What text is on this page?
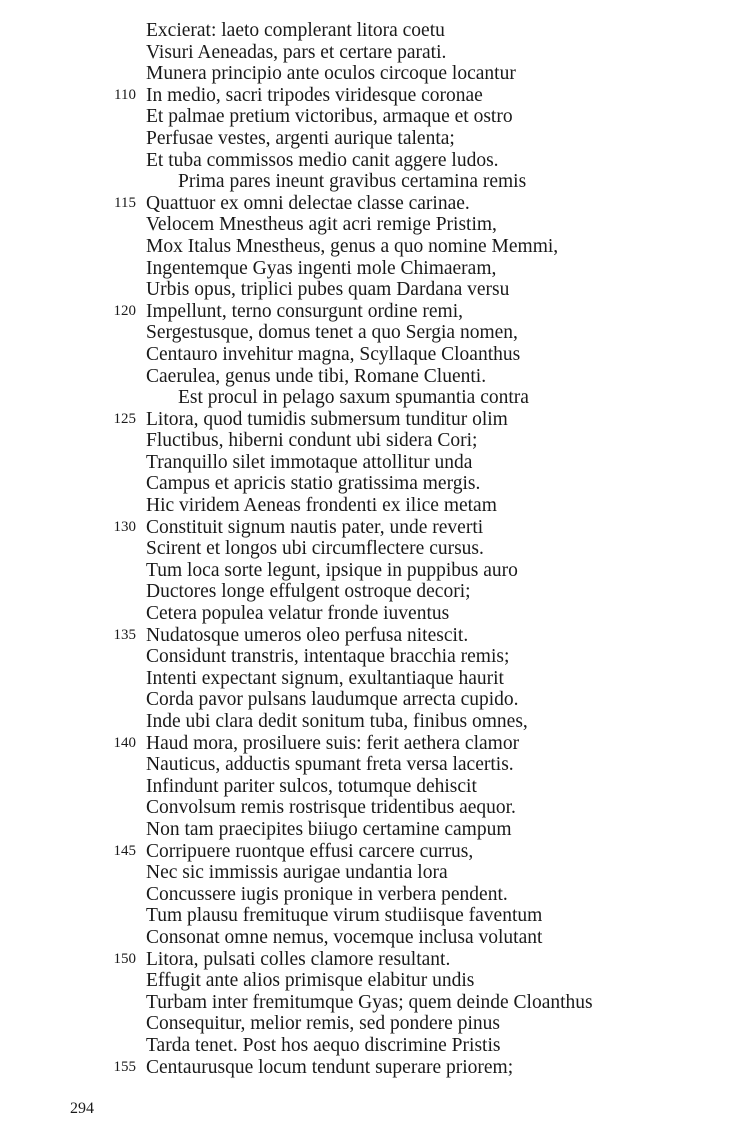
Excierat: laeto complerant litora coetu
Visuri Aeneadas, pars et certare parati.
Munera principio ante oculos circoque locantur
110 In medio, sacri tripodes viridesque coronae
Et palmae pretium victoribus, armaque et ostro
Perfusae vestes, argenti aurique talenta;
Et tuba commissos medio canit aggere ludos.
Prima pares ineunt gravibus certamina remis
115 Quattuor ex omni delectae classe carinae.
Velocem Mnestheus agit acri remige Pristim,
Mox Italus Mnestheus, genus a quo nomine Memmi,
Ingentemque Gyas ingenti mole Chimaeram,
Urbis opus, triplici pubes quam Dardana versu
120 Impellunt, terno consurgunt ordine remi,
Sergestusque, domus tenet a quo Sergia nomen,
Centauro invehitur magna, Scyllaque Cloanthus
Caerulea, genus unde tibi, Romane Cluenti.
Est procul in pelago saxum spumantia contra
125 Litora, quod tumidis submersum tunditur olim
Fluctibus, hiberni condunt ubi sidera Cori;
Tranquillo silet immotaque attollitur unda
Campus et apricis statio gratissima mergis.
Hic viridem Aeneas frondenti ex ilice metam
130 Constituit signum nautis pater, unde reverti
Scirent et longos ubi circumflectere cursus.
Tum loca sorte legunt, ipsique in puppibus auro
Ductores longe effulgent ostroque decori;
Cetera populea velatur fronde iuventus
135 Nudatosque umeros oleo perfusa nitescit.
Considunt transtris, intentaque bracchia remis;
Intenti expectant signum, exultantiaque haurit
Corda pavor pulsans laudumque arrecta cupido.
Inde ubi clara dedit sonitum tuba, finibus omnes,
140 Haud mora, prosiluere suis: ferit aethera clamor
Nauticus, adductis spumant freta versa lacertis.
Infindunt pariter sulcos, totumque dehiscit
Convolsum remis rostrisque tridentibus aequor.
Non tam praecipites biiugo certamine campum
145 Corripuere ruontque effusi carcere currus,
Nec sic immissis aurigae undantia lora
Concussere iugis pronique in verbera pendent.
Tum plausu fremituque virum studiisque faventum
Consonat omne nemus, vocemque inclusa volutant
150 Litora, pulsati colles clamore resultant.
Effugit ante alios primisque elabitur undis
Turbam inter fremitumque Gyas; quem deinde Cloanthus
Consequitur, melior remis, sed pondere pinus
Tarda tenet. Post hos aequo discrimine Pristis
155 Centaurusque locum tendunt superare priorem;
294
